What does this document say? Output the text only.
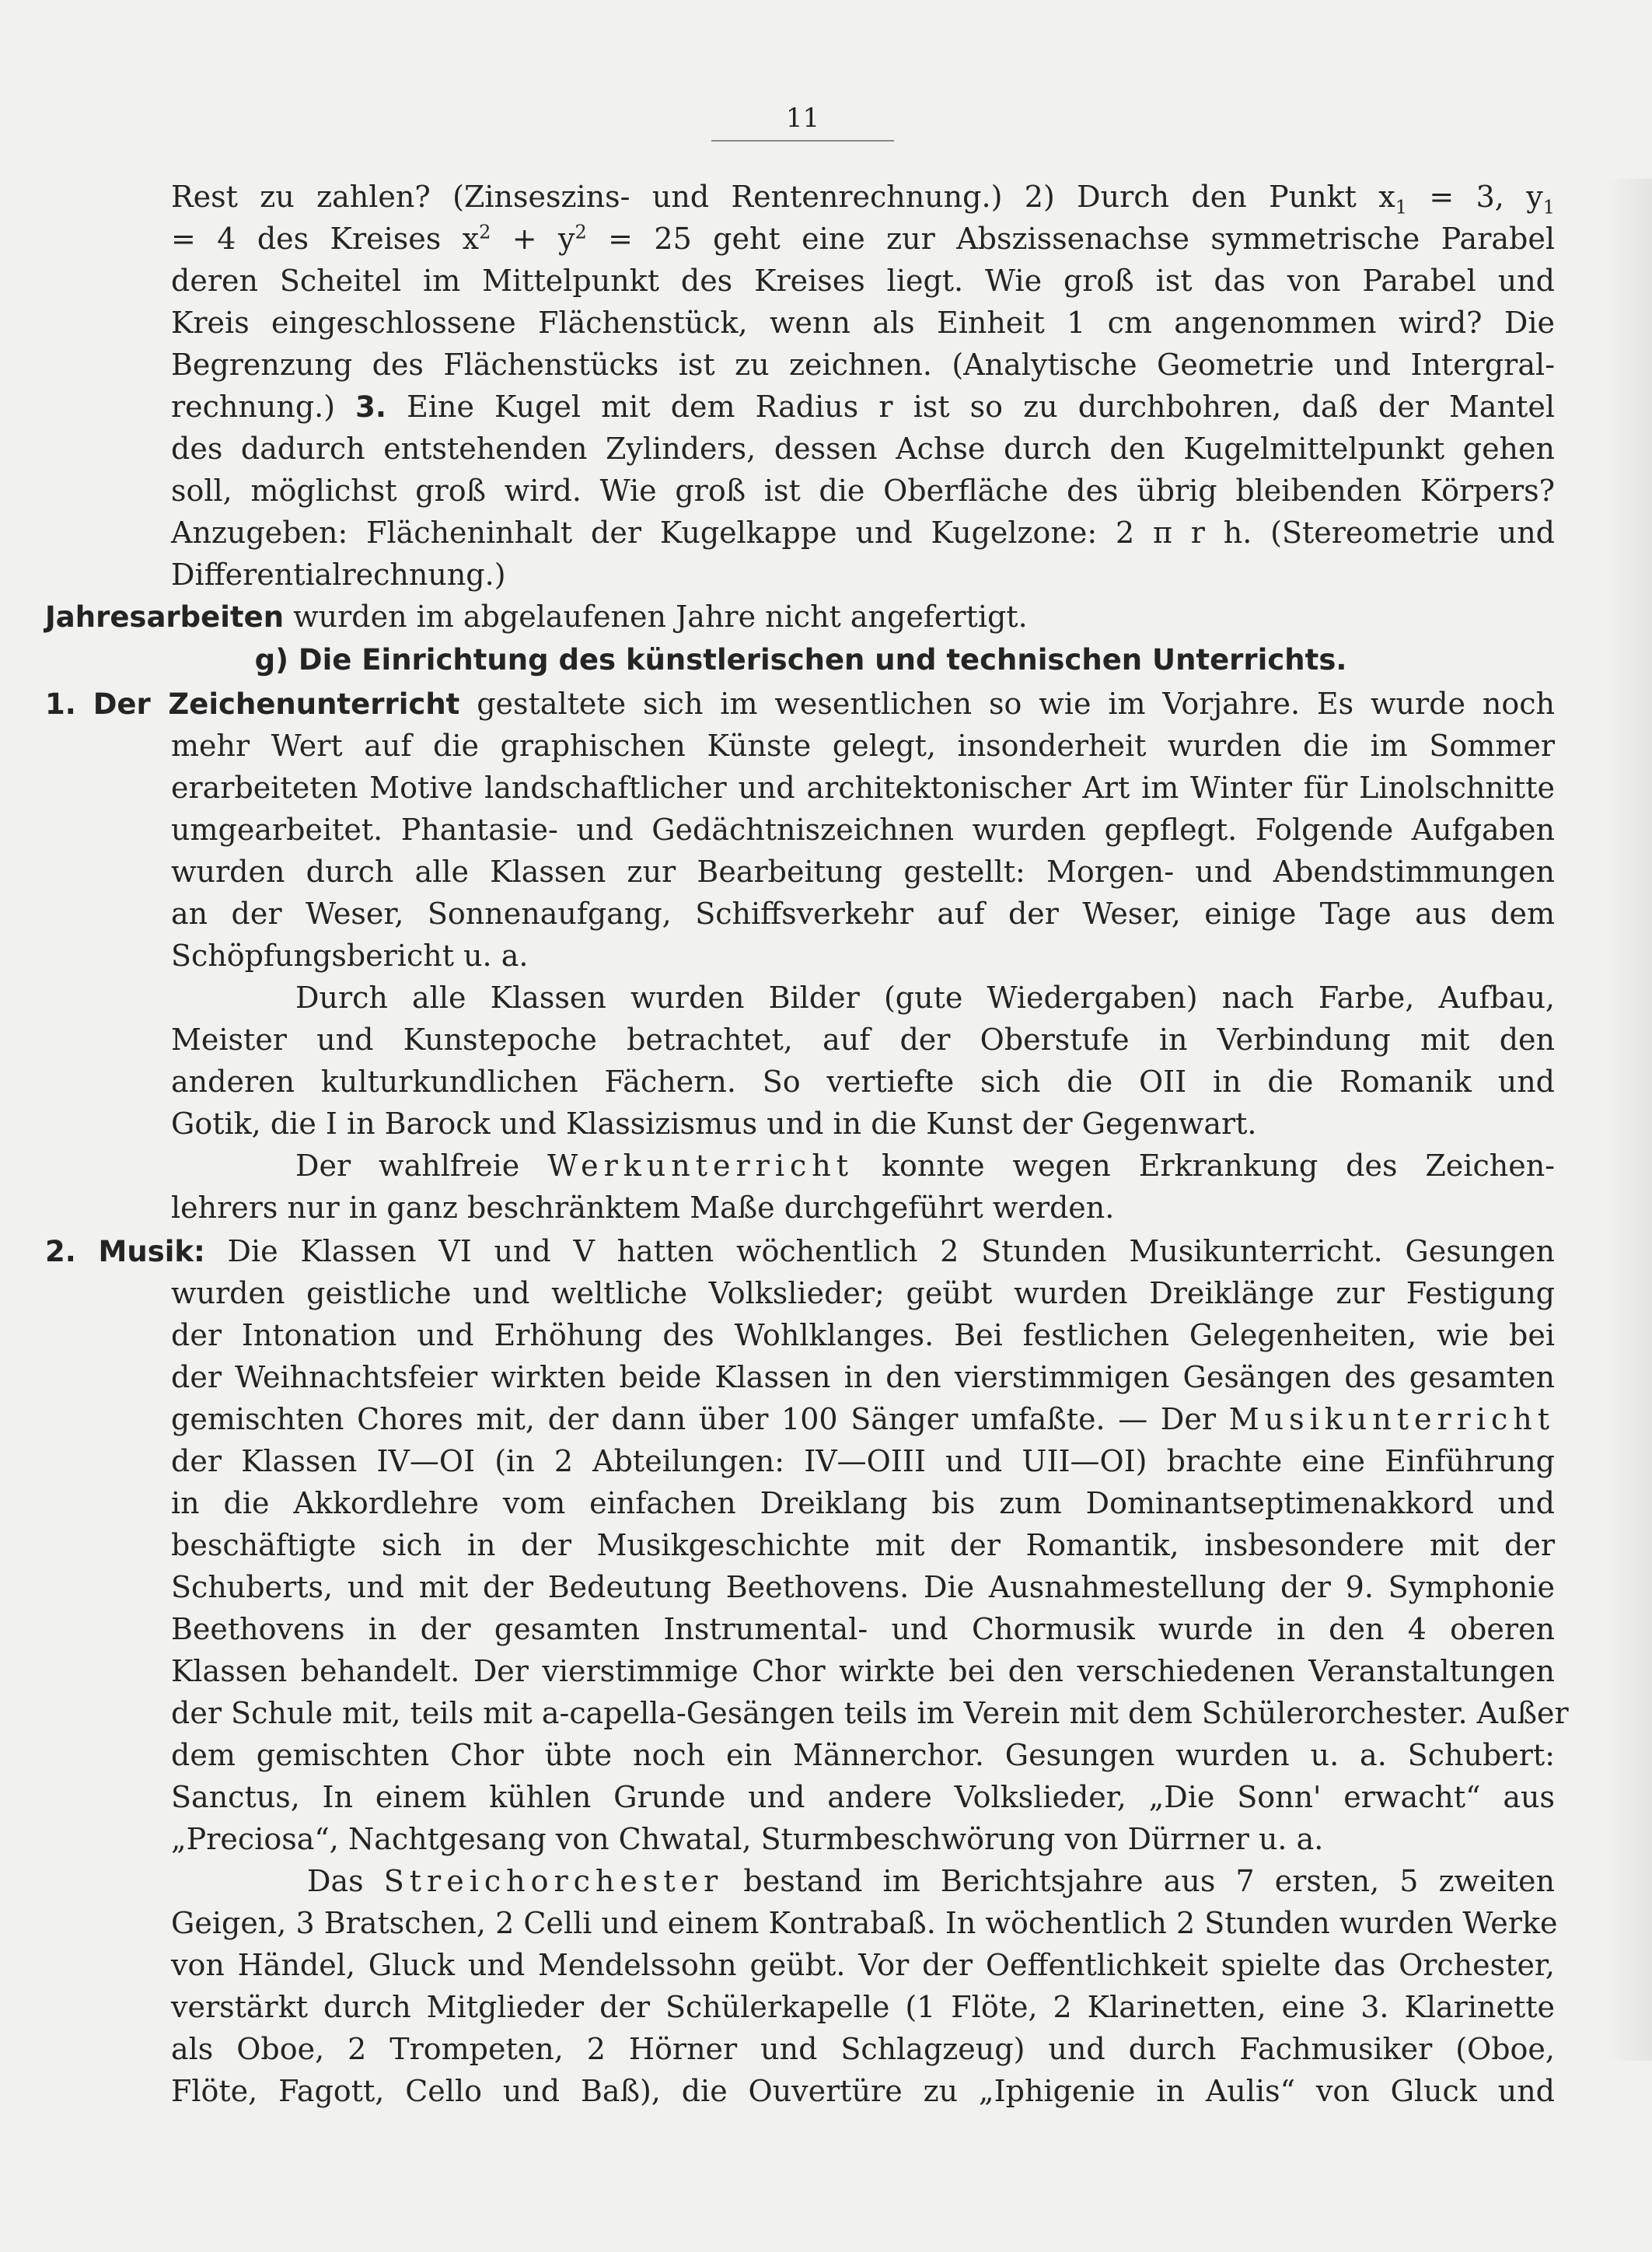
11
Rest zu zahlen? (Zinseszins- und Rentenrechnung.) 2) Durch den Punkt $x_1 = 3$, $y_1$
= 4 des Kreises $x^2 + y^2 = 25$ geht eine zur Abszissenachse symmetrische Parabel
deren Scheitel im Mittelpunkt des Kreises liegt. Wie groß ist das von Parabel und
Kreis eingeschlossene Flächenstück, wenn als Einheit 1 cm angenommen wird? Die
Begrenzung des Flächenstücks ist zu zeichnen. (Analytische Geometrie und Intergral-
rechnung.) 3. Eine Kugel mit dem Radius r ist so zu durchbohren, daß der Mantel
des dadurch entstehenden Zylinders, dessen Achse durch den Kugelmittelpunkt gehen
soll, möglichst groß wird. Wie groß ist die Oberfläche des übrig bleibenden Körpers?
Anzugeben: Flächeninhalt der Kugelkappe und Kugelzone: 2 π r h. (Stereometrie und
Differentialrechnung.)
Jahresarbeiten wurden im abgelaufenen Jahre nicht angefertigt.
g) Die Einrichtung des künstlerischen und technischen Unterrichts.
1. Der Zeichenunterricht gestaltete sich im wesentlichen so wie im Vorjahre. Es wurde noch
mehr Wert auf die graphischen Künste gelegt, insonderheit wurden die im Sommer
erarbeiteten Motive landschaftlicher und architektonischer Art im Winter für Linolschnitte
umgearbeitet. Phantasie- und Gedächtniszeichnen wurden gepflegt. Folgende Aufgaben
wurden durch alle Klassen zur Bearbeitung gestellt: Morgen- und Abendstimmungen
an der Weser, Sonnenaufgang, Schiffsverkehr auf der Weser, einige Tage aus dem
Schöpfungsbericht u. a.
Durch alle Klassen wurden Bilder (gute Wiedergaben) nach Farbe, Aufbau,
Meister und Kunstepoche betrachtet, auf der Oberstufe in Verbindung mit den
anderen kulturkundlichen Fächern. So vertiefte sich die OII in die Romanik und
Gotik, die I in Barock und Klassizismus und in die Kunst der Gegenwart.
Der wahlfreie Werkunterricht konnte wegen Erkrankung des Zeichen-
lehrers nur in ganz beschränktem Maße durchgeführt werden.
2. Musik: Die Klassen VI und V hatten wöchentlich 2 Stunden Musikunterricht. Gesungen
wurden geistliche und weltliche Volkslieder; geübt wurden Dreiklänge zur Festigung
der Intonation und Erhöhung des Wohlklanges. Bei festlichen Gelegenheiten, wie bei
der Weihnachtsfeier wirkten beide Klassen in den vierstimmigen Gesängen des gesamten
gemischten Chores mit, der dann über 100 Sänger umfaßte. — Der Musikunterricht
der Klassen IV—OI (in 2 Abteilungen: IV—OIII und UII—OI) brachte eine Einführung
in die Akkordlehre vom einfachen Dreiklang bis zum Dominantseptimenakkord und
beschäftigte sich in der Musikgeschichte mit der Romantik, insbesondere mit der
Schuberts, und mit der Bedeutung Beethovens. Die Ausnahmestellung der 9. Symphonie
Beethovens in der gesamten Instrumental- und Chormusik wurde in den 4 oberen
Klassen behandelt. Der vierstimmige Chor wirkte bei den verschiedenen Veranstaltungen
der Schule mit, teils mit a-capella-Gesängen teils im Verein mit dem Schülerorchester. Außer
dem gemischten Chor übte noch ein Männerchor. Gesungen wurden u. a. Schubert:
Sanctus, In einem kühlen Grunde und andere Volkslieder, „Die Sonn' erwacht“ aus
„Preciosa“, Nachtgesang von Chwatal, Sturmbeschwörung von Dürrner u. a.
Das Streichorchester bestand im Berichtsjahre aus 7 ersten, 5 zweiten
Geigen, 3 Bratschen, 2 Celli und einem Kontrabaß. In wöchentlich 2 Stunden wurden Werke
von Händel, Gluck und Mendelssohn geübt. Vor der Oeffentlichkeit spielte das Orchester,
verstärkt durch Mitglieder der Schülerkapelle (1 Flöte, 2 Klarinetten, eine 3. Klarinette
als Oboe, 2 Trompeten, 2 Hörner und Schlagzeug) und durch Fachmusiker (Oboe,
Flöte, Fagott, Cello und Baß), die Ouvertüre zu „Iphigenie in Aulis“ von Gluck und
